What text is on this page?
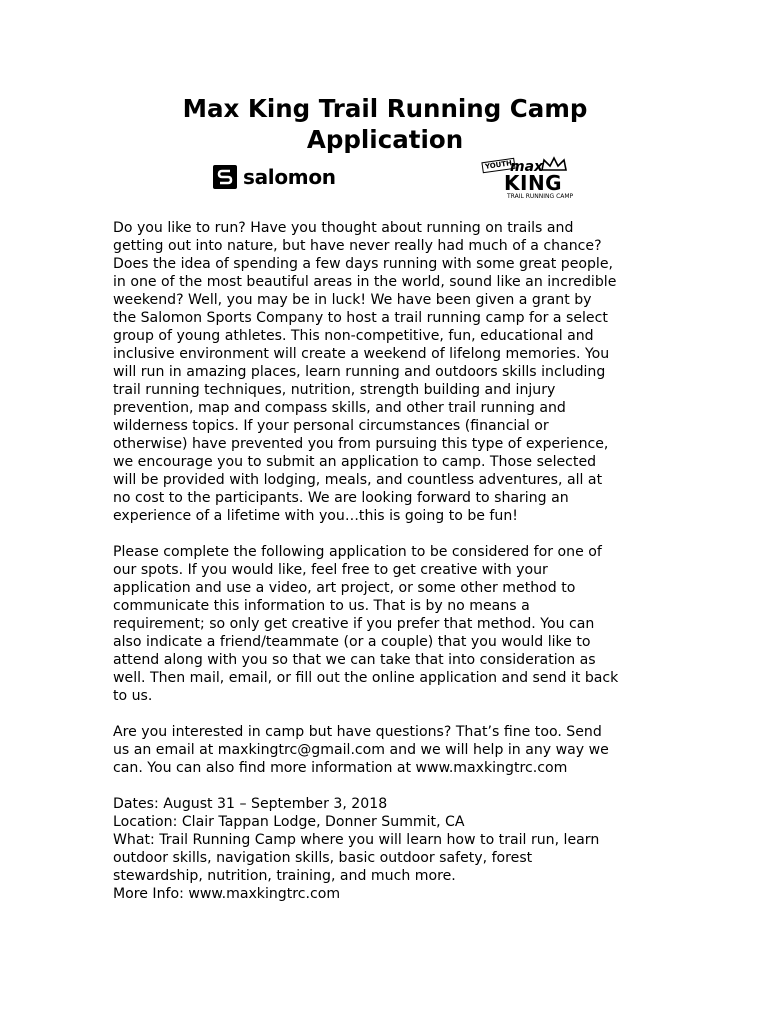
Max King Trail Running Camp
Application
salomon	YOUTH
max
KING
TRAIL RUNNING CAMP
Do you like to run? Have you thought about running on trails and
getting out into nature, but have never really had much of a chance?
Does the idea of spending a few days running with some great people,
in one of the most beautiful areas in the world, sound like an incredible
weekend? Well, you may be in luck! We have been given a grant by
the Salomon Sports Company to host a trail running camp for a select
group of young athletes. This non-competitive, fun, educational and
inclusive environment will create a weekend of lifelong memories. You
will run in amazing places, learn running and outdoors skills including
trail running techniques, nutrition, strength building and injury
prevention, map and compass skills, and other trail running and
wilderness topics. If your personal circumstances (financial or
otherwise) have prevented you from pursuing this type of experience,
we encourage you to submit an application to camp. Those selected
will be provided with lodging, meals, and countless adventures, all at
no cost to the participants. We are looking forward to sharing an
experience of a lifetime with you…this is going to be fun!
Please complete the following application to be considered for one of
our spots. If you would like, feel free to get creative with your
application and use a video, art project, or some other method to
communicate this information to us. That is by no means a
requirement; so only get creative if you prefer that method. You can
also indicate a friend/teammate (or a couple) that you would like to
attend along with you so that we can take that into consideration as
well. Then mail, email, or fill out the online application and send it back
to us.
Are you interested in camp but have questions? That’s fine too. Send
us an email at maxkingtrc@gmail.com and we will help in any way we
can. You can also find more information at www.maxkingtrc.com
Dates: August 31 – September 3, 2018
Location: Clair Tappan Lodge, Donner Summit, CA
What: Trail Running Camp where you will learn how to trail run, learn
outdoor skills, navigation skills, basic outdoor safety, forest
stewardship, nutrition, training, and much more.
More Info: www.maxkingtrc.com
